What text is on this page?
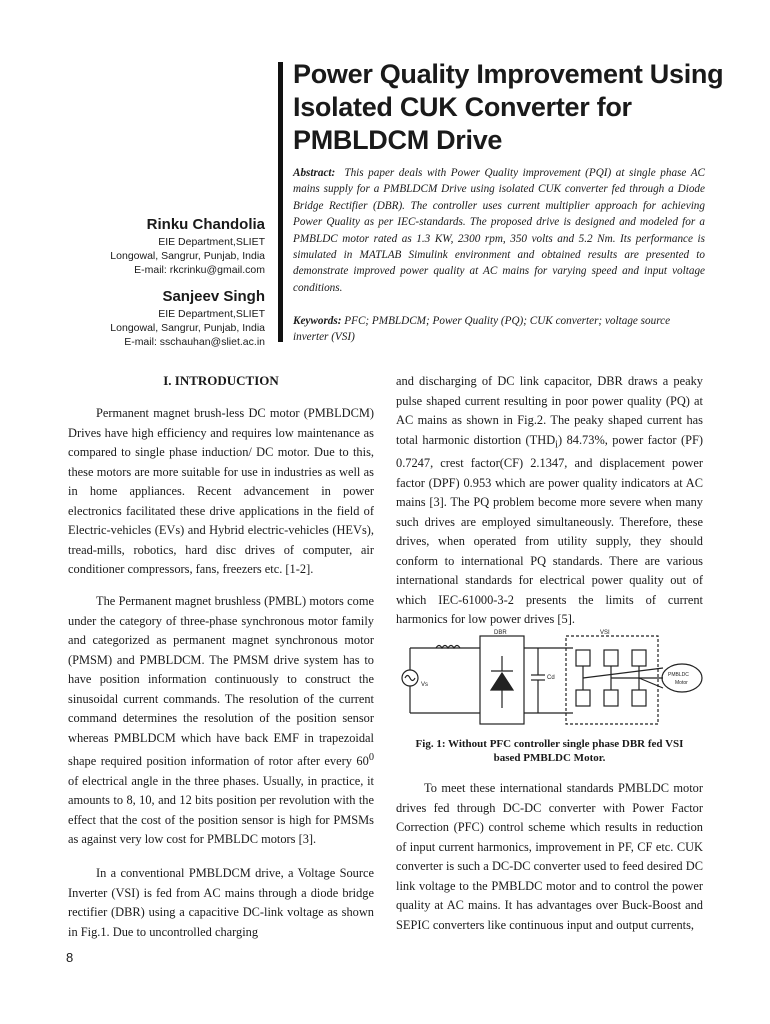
Power Quality Improvement Using
Isolated CUK Converter for
PMBLDCM Drive
Rinku Chandolia
EIE Department,SLIET
Longowal, Sangrur, Punjab, India
E-mail: rkcrinku@gmail.com
Sanjeev Singh
EIE Department,SLIET
Longowal, Sangrur, Punjab, India
E-mail: sschauhan@sliet.ac.in
Abstract: This paper deals with Power Quality improvement (PQI) at single phase AC mains supply for a PMBLDCM Drive using isolated CUK converter fed through a Diode Bridge Rectifier (DBR). The controller uses current multiplier approach for achieving Power Quality as per IEC-standards. The proposed drive is designed and modeled for a PMBLDC motor rated as 1.3 KW, 2300 rpm, 350 volts and 5.2 Nm. Its performance is simulated in MATLAB Simulink environment and obtained results are presented to demonstrate improved power quality at AC mains for varying speed and input voltage conditions.
Keywords: PFC; PMBLDCM; Power Quality (PQ); CUK converter; voltage source inverter (VSI)
I. INTRODUCTION

Permanent magnet brush-less DC motor (PMBLDCM) Drives have high efficiency and requires low maintenance as compared to single phase induction/ DC motor. Due to this, these motors are more suitable for use in industries as well as in home appliances. Recent advancement in power electronics facilitated these drive applications in the field of Electric-vehicles (EVs) and Hybrid electric-vehicles (HEVs), tread-mills, robotics, hard disc drives of computer, air conditioner compressors, fans, freezers etc. [1-2].

The Permanent magnet brushless (PMBL) motors come under the category of three-phase synchronous motor family and categorized as permanent magnet synchronous motor (PMSM) and PMBLDCM. The PMSM drive system has to have position information continuously to construct the sinusoidal current commands. The resolution of the current command determines the resolution of the position sensor whereas PMBLDCM which have back EMF in trapezoidal shape required position information of rotor after every $60^0$ of electrical angle in the three phases. Usually, in practice, it amounts to 8, 10, and 12 bits position per revolution with the effect that the cost of the position sensor is high for PMSMs as against very low cost for PMBLDC motors [3].

In a conventional PMBLDCM drive, a Voltage Source Inverter (VSI) is fed from AC mains through a diode bridge rectifier (DBR) using a capacitive DC-link voltage as shown in Fig.1. Due to uncontrolled charging

and discharging of DC link capacitor, DBR draws a peaky pulse shaped current resulting in poor power quality (PQ) at AC mains as shown in Fig.2. The peaky shaped current has total harmonic distortion $(THD_i)$ 84.73%, power factor (PF) 0.7247, crest factor(CF) 2.1347, and displacement power factor (DPF) 0.953 which are power quality indicators at AC mains [3]. The PQ problem become more severe when many such drives are employed simultaneously. Therefore, these drives, when operated from utility supply, they should conform to international PQ standards. There are various international standards for electrical power quality out of which IEC-61000-3-2 presents the limits of current harmonics for low power drives [5].

DBR	VSI
Cd
Vs
PMBLDC
Motor
Fig. 1: Without PFC controller single phase DBR fed VSI
based PMBLDC Motor.

To meet these international standards PMBLDC motor drives fed through DC-DC converter with Power Factor Correction (PFC) control scheme which results in reduction of input current harmonics, improvement in PF, CF etc. CUK converter is such a DC-DC converter used to feed desired DC link voltage to the PMBLDC motor and to control the power quality at AC mains. It has advantages over Buck-Boost and SEPIC converters like continuous input and output currents,

8
